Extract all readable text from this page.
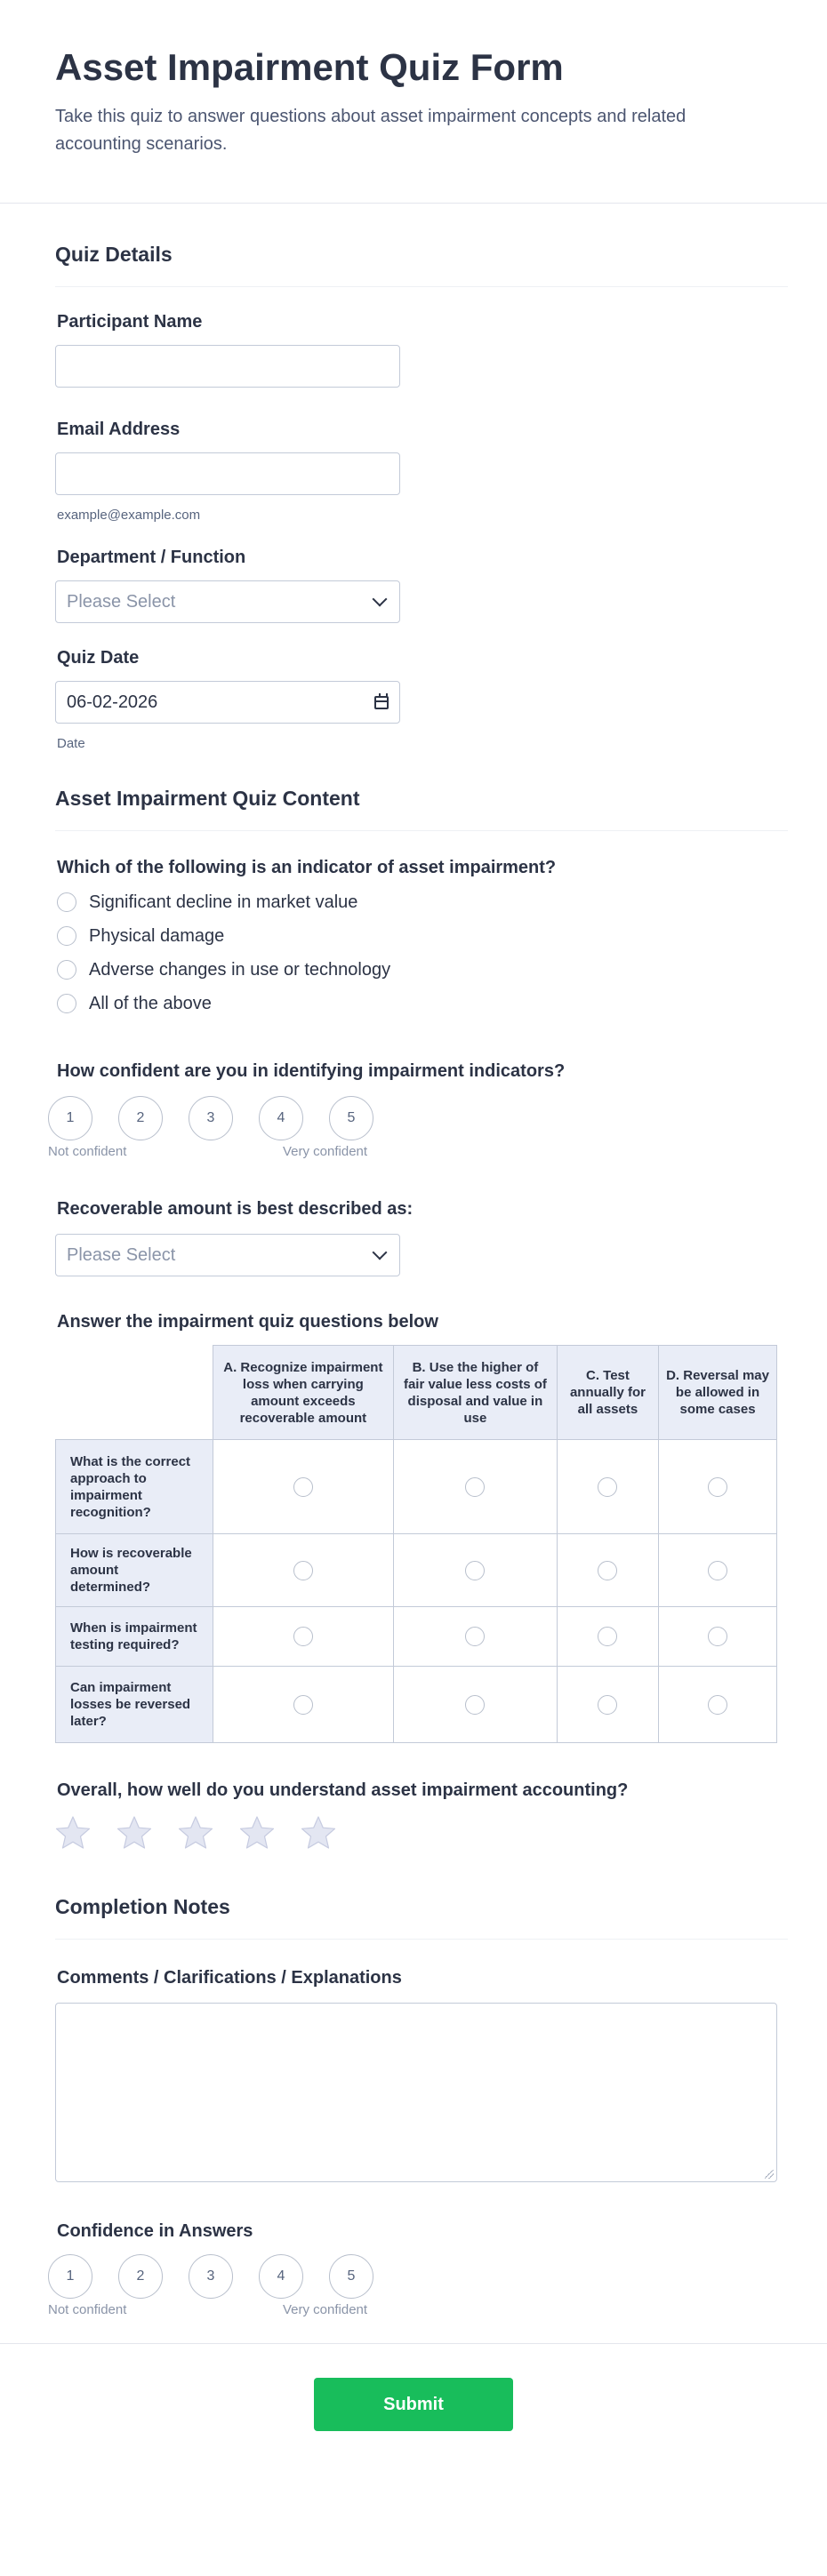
Asset Impairment Quiz Form

Take this quiz to answer questions about asset impairment concepts and related accounting scenarios.

Quiz Details
Participant Name
Email Address
example@example.com
Department / Function
Please Select
Quiz Date
06-02-2026
Date
Asset Impairment Quiz Content
Which of the following is an indicator of asset impairment?
Significant decline in market value
Physical damage
Adverse changes in use or technology
All of the above
How confident are you in identifying impairment indicators?
1	2	3	4	5
Not confident	Very confident
Recoverable amount is best described as:
Please Select
Answer the impairment quiz questions below
	A. Recognize impairment loss when carrying amount exceeds recoverable amount	B. Use the higher of fair value less costs of disposal and value in use	C. Test annually for all assets	D. Reversal may be allowed in some cases
What is the correct approach to impairment recognition?				
How is recoverable amount determined?				
When is impairment testing required?				
Can impairment losses be reversed later?				
Overall, how well do you understand asset impairment accounting?
Completion Notes
Comments / Clarifications / Explanations
Confidence in Answers
1	2	3	4	5
Not confident	Very confident
Submit
